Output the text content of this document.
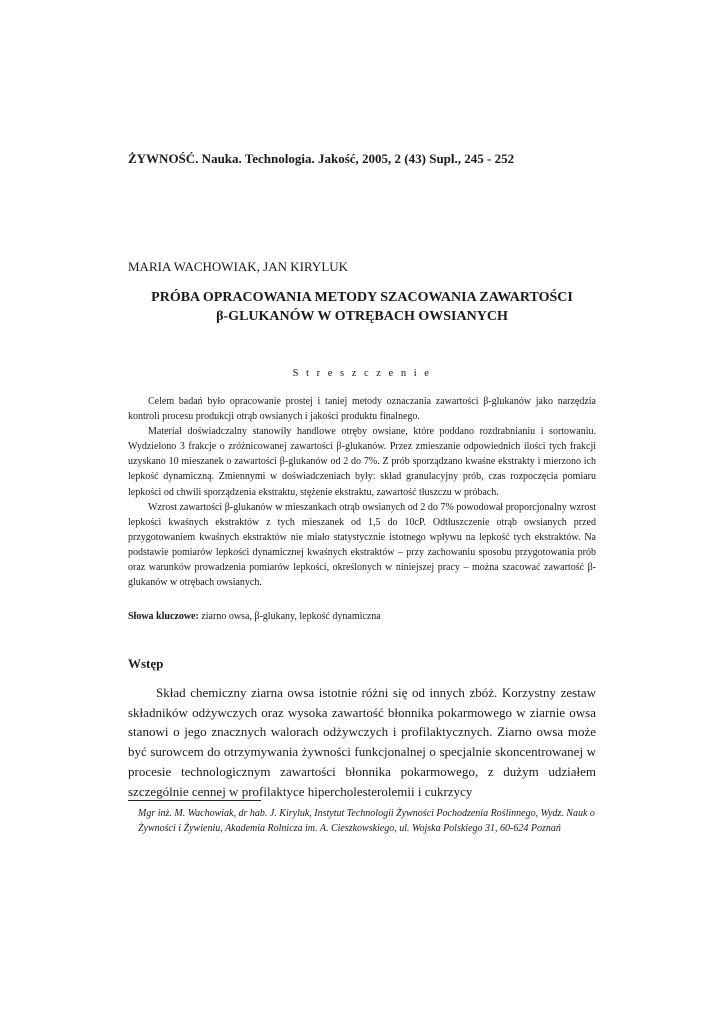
ŻYWNOŚĆ. Nauka. Technologia. Jakość, 2005, 2 (43) Supl., 245 - 252
MARIA WACHOWIAK, JAN KIRYLUK
PRÓBA OPRACOWANIA METODY SZACOWANIA ZAWARTOŚCI
β-GLUKANÓW W OTRĘBACH OWSIANYCH
S t r e s z c z e n i e

Celem badań było opracowanie prostej i taniej metody oznaczania zawartości β-glukanów jako narzędzia kontroli procesu produkcji otrąb owsianych i jakości produktu finalnego.

Materiał doświadczalny stanowiły handlowe otręby owsiane, które poddano rozdrabnianiu i sortowaniu. Wydzielono 3 frakcje o zróżnicowanej zawartości β-glukanów. Przez zmieszanie odpowiednich ilości tych frakcji uzyskano 10 mieszanek o zawartości β-glukanów od 2 do 7%. Z prób sporządzano kwaśne ekstrakty i mierzono ich lepkość dynamiczną. Zmiennymi w doświadczeniach były: skład granulacyjny prób, czas rozpoczęcia pomiaru lepkości od chwili sporządzenia ekstraktu, stężenie ekstraktu, zawartość tłuszczu w próbach.

Wzrost zawartości β-glukanów w mieszankach otrąb owsianych od 2 do 7% powodował proporcjonalny wzrost lepkości kwaśnych ekstraktów z tych mieszanek od 1,5 do 10cP. Odtłuszczenie otrąb owsianych przed przygotowaniem kwaśnych ekstraktów nie miało statystycznie istotnego wpływu na lepkość tych ekstraktów. Na podstawie pomiarów lepkości dynamicznej kwaśnych ekstraktów – przy zachowaniu sposobu przygotowania prób oraz warunków prowadzenia pomiarów lepkości, określonych w niniejszej pracy – można szacować zawartość β-glukanów w otrębach owsianych.

Słowa kluczowe: ziarno owsa, β-glukany, lepkość dynamiczna
Wstęp

Skład chemiczny ziarna owsa istotnie różni się od innych zbóż. Korzystny zestaw składników odżywczych oraz wysoka zawartość błonnika pokarmowego w ziarnie owsa stanowi o jego znacznych walorach odżywczych i profilaktycznych. Ziarno owsa może być surowcem do otrzymywania żywności funkcjonalnej o specjalnie skoncentrowanej w procesie technologicznym zawartości błonnika pokarmowego, z dużym udziałem szczególnie cennej w profilaktyce hipercholesterolemii i cukrzycy

Mgr inż. M. Wachowiak, dr hab. J. Kiryluk, Instytut Technologii Żywności Pochodzenia Roślinnego, Wydz. Nauk o Żywności i Żywieniu, Akademia Rolnicza im. A. Cieszkowskiego, ul. Wojska Polskiego 31, 60-624 Poznań
